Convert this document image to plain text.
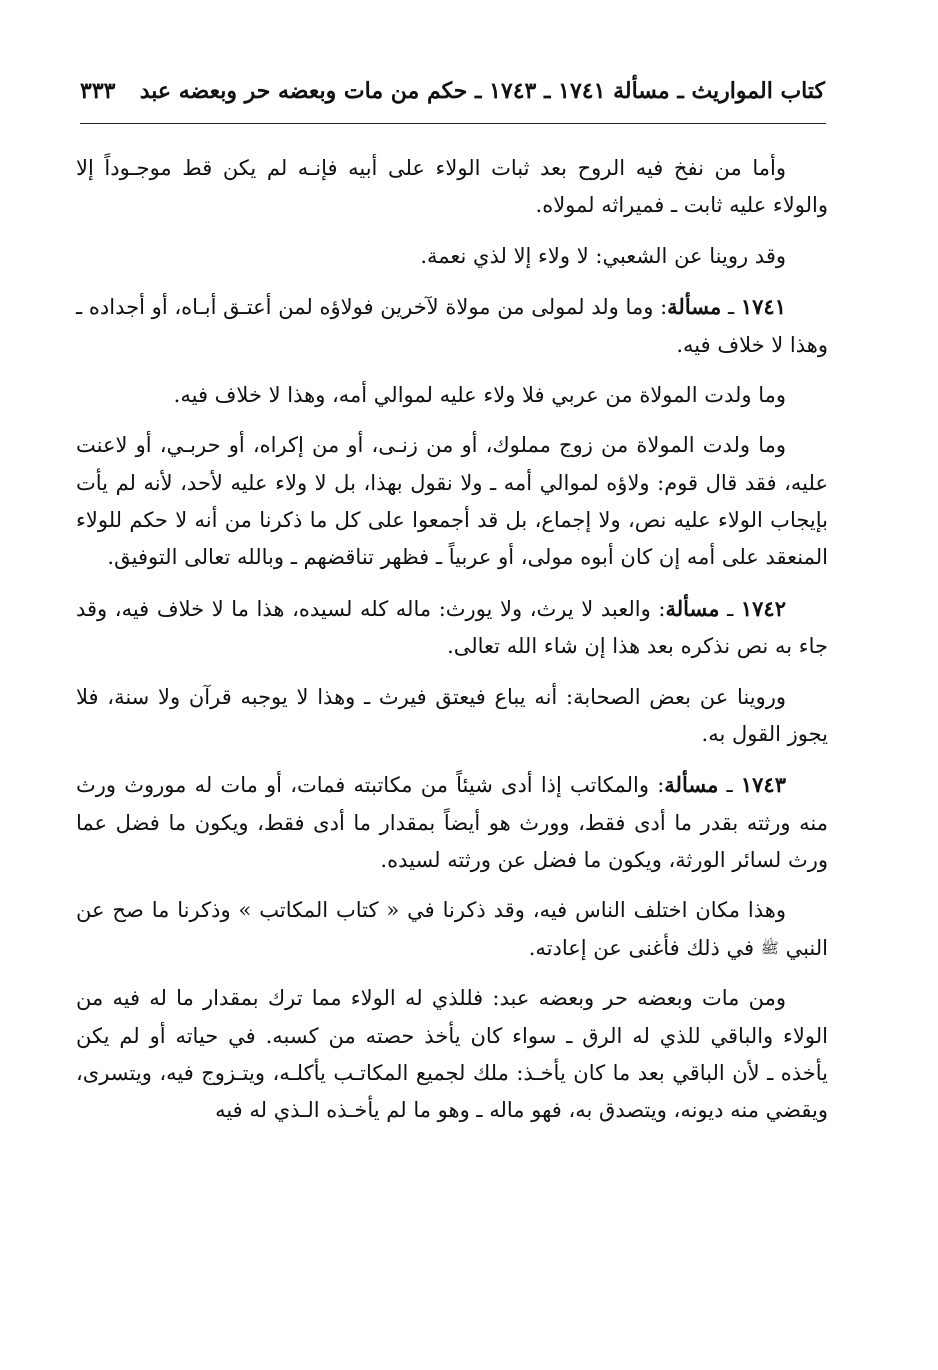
كتاب المواريث ـ مسألة ١٧٤١ ـ ١٧٤٣ ـ حكم من مات وبعضه حر وبعضه عبد
٣٣٣

وأما من نفخ فيه الروح بعد ثبات الولاء على أبيه فإنـه لم يكن قط موجـوداً إلا والولاء عليه ثابت ـ فميراثه لمولاه.

وقد روينا عن الشعبي: لا ولاء إلا لذي نعمة.

١٧٤١ ـ مسألة: وما ولد لمولى من مولاة لآخرين فولاؤه لمن أعتـق أبـاه، أو أجداده ـ وهذا لا خلاف فيه.

وما ولدت المولاة من عربي فلا ولاء عليه لموالي أمه، وهذا لا خلاف فيه.

وما ولدت المولاة من زوج مملوك، أو من زنـى، أو من إكراه، أو حربـي، أو لاعنت عليه، فقد قال قوم: ولاؤه لموالي أمه ـ ولا نقول بهذا، بل لا ولاء عليه لأحد، لأنه لم يأت بإيجاب الولاء عليه نص، ولا إجماع، بل قد أجمعوا على كل ما ذكرنا من أنه لا حكم للولاء المنعقد على أمه إن كان أبوه مولى، أو عربياً ـ فظهر تناقضهم ـ وبالله تعالى التوفيق.

١٧٤٢ ـ مسألة: والعبد لا يرث، ولا يورث: ماله كله لسيده، هذا ما لا خلاف فيه، وقد جاء به نص نذكره بعد هذا إن شاء الله تعالى.

وروينا عن بعض الصحابة: أنه يباع فيعتق فيرث ـ وهذا لا يوجبه قرآن ولا سنة، فلا يجوز القول به.

١٧٤٣ ـ مسألة: والمكاتب إذا أدى شيئاً من مكاتبته فمات، أو مات له موروث ورث منه ورثته بقدر ما أدى فقط، وورث هو أيضاً بمقدار ما أدى فقط، ويكون ما فضل عما ورث لسائر الورثة، ويكون ما فضل عن ورثته لسيده.

وهذا مكان اختلف الناس فيه، وقد ذكرنا في « كتاب المكاتب » وذكرنا ما صح عن النبي ﷺ في ذلك فأغنى عن إعادته.

ومن مات وبعضه حر وبعضه عبد: فللذي له الولاء مما ترك بمقدار ما له فيه من الولاء والباقي للذي له الرق ـ سواء كان يأخذ حصته من كسبه. في حياته أو لم يكن يأخذه ـ لأن الباقي بعد ما كان يأخـذ: ملك لجميع المكاتـب يأكلـه، ويتـزوج فيه، ويتسرى، ويقضي منه ديونه، ويتصدق به، فهو ماله ـ وهو ما لم يأخـذه الـذي له فيه
